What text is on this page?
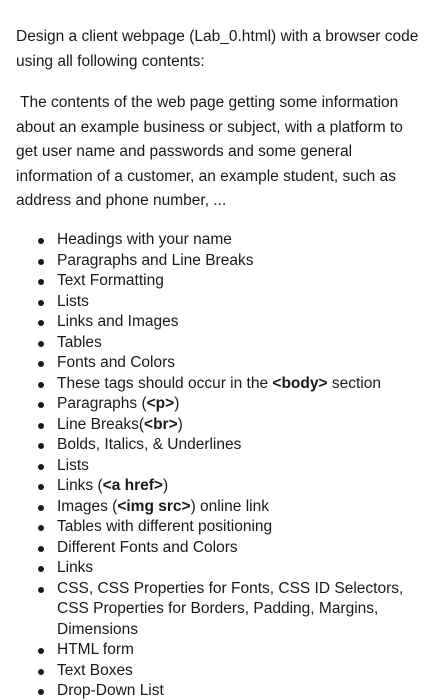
Design a client webpage (Lab_0.html) with a browser code using all following contents:

The contents of the web page getting some information about an example business or subject, with a platform to get user name and passwords and some general information of a customer, an example student, such as address and phone number, ...

Headings with your name
Paragraphs and Line Breaks
Text Formatting
Lists
Links and Images
Tables
Fonts and Colors
These tags should occur in the <body> section
Paragraphs (<p>)
Line Breaks(<br>)
Bolds, Italics, & Underlines
Lists
Links (<a href>)
Images (<img src>) online link
Tables with different positioning
Different Fonts and Colors
Links
CSS, CSS Properties for Fonts, CSS ID Selectors, CSS Properties for Borders, Padding, Margins, Dimensions
HTML form
Text Boxes
Drop-Down List
